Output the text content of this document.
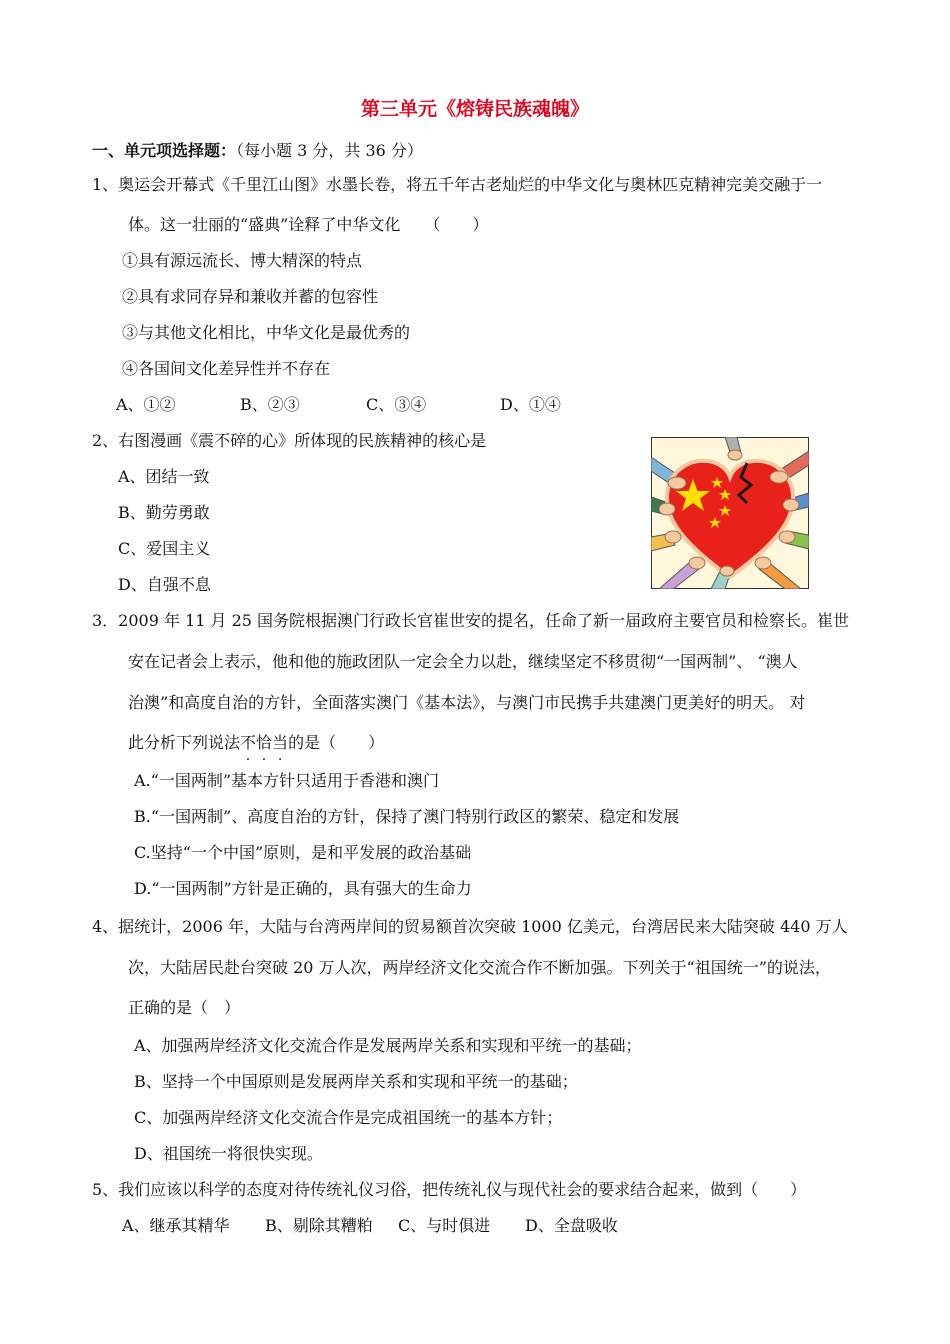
第三单元《熔铸民族魂魄》
一、单元项选择题：（每小题 3 分，共 36 分）
1、奥运会开幕式《千里江山图》水墨长卷，将五千年古老灿烂的中华文化与奥林匹克精神完美交融于一
体。这一壮丽的“盛典”诠释了中华文化　　（　　）
①具有源远流长、博大精深的特点
②具有求同存异和兼收并蓄的包容性
③与其他文化相比，中华文化是最优秀的
④各国间文化差异性并不存在
A、①②	B、②③	C、③④	D、①④
2、右图漫画《震不碎的心》所体现的民族精神的核心是
A、团结一致
B、勤劳勇敢
C、爱国主义
D、自强不息
3．2009 年 11 月 25 国务院根据澳门行政长官崔世安的提名，任命了新一届政府主要官员和检察长。崔世
安在记者会上表示，他和他的施政团队一定会全力以赴，继续坚定不移贯彻“一国两制”、 “澳人
治澳”和高度自治的方针，全面落实澳门《基本法》，与澳门市民携手共建澳门更美好的明天。 对
此分析下列说法不恰当的是（　　）
A.“一国两制”基本方针只适用于香港和澳门
B.“一国两制”、高度自治的方针，保持了澳门特别行政区的繁荣、稳定和发展
C.坚持“一个中国”原则，是和平发展的政治基础
D.“一国两制”方针是正确的，具有强大的生命力
4、据统计，2006 年，大陆与台湾两岸间的贸易额首次突破 1000 亿美元，台湾居民来大陆突破 440 万人
次，大陆居民赴台突破 20 万人次，两岸经济文化交流合作不断加强。下列关于“祖国统一”的说法，
正确的是（　）
A、加强两岸经济文化交流合作是发展两岸关系和实现和平统一的基础；
B、坚持一个中国原则是发展两岸关系和实现和平统一的基础；
C、加强两岸经济文化交流合作是完成祖国统一的基本方针；
D、祖国统一将很快实现。
5、我们应该以科学的态度对待传统礼仪习俗，把传统礼仪与现代社会的要求结合起来，做到（　　）
A、继承其精华 B、剔除其糟粕 C、与时俱进 D、全盘吸收
